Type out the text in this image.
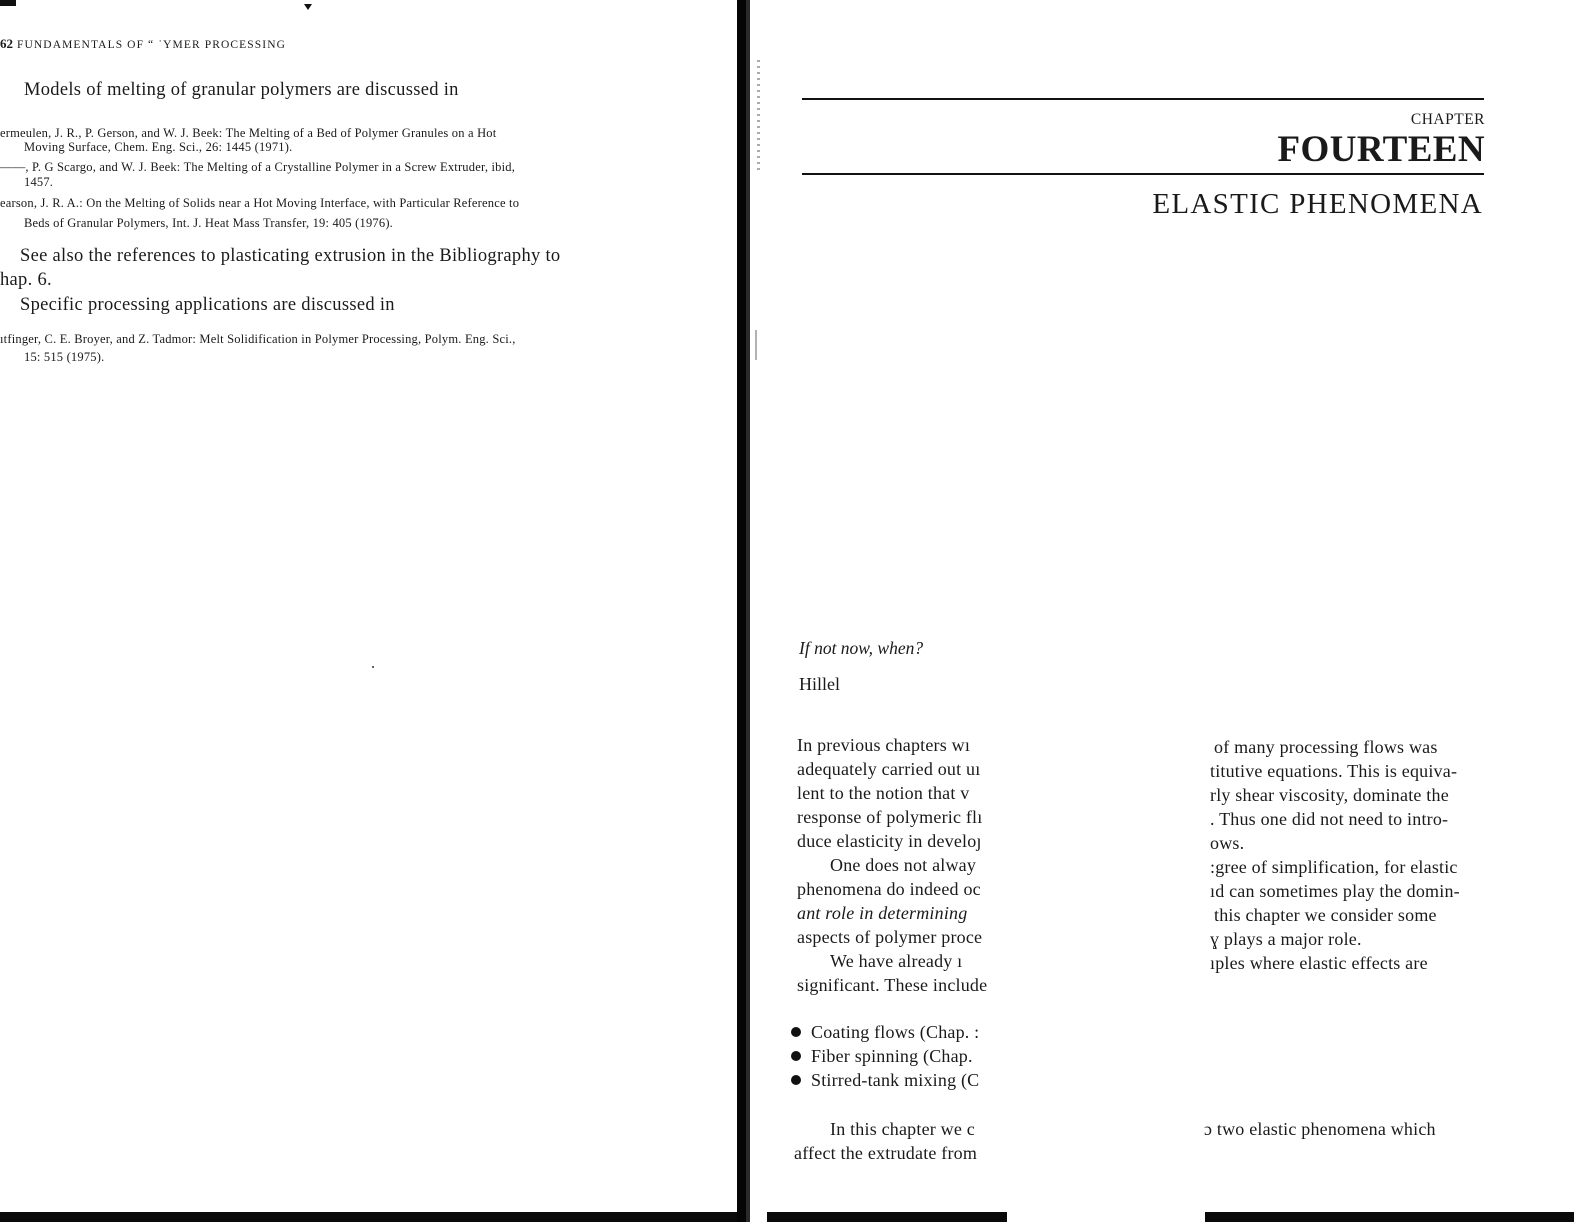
62 FUNDAMENTALS OF “ ˙YMER PROCESSING
Models of melting of granular polymers are discussed in
ermeulen, J. R., P. Gerson, and W. J. Beek: The Melting of a Bed of Polymer Granules on a Hot
Moving Surface, Chem. Eng. Sci., 26: 1445 (1971).
——, P. G Scargo, and W. J. Beek: The Melting of a Crystalline Polymer in a Screw Extruder, ibid,
1457.
earson, J. R. A.: On the Melting of Solids near a Hot Moving Interface, with Particular Reference to
Beds of Granular Polymers, Int. J. Heat Mass Transfer, 19: 405 (1976).
See also the references to plasticating extrusion in the Bibliography to
hap. 6.
Specific processing applications are discussed in
ıtfinger, C. E. Broyer, and Z. Tadmor: Melt Solidification in Polymer Processing, Polym. Eng. Sci.,
15: 515 (1975).
CHAPTER
FOURTEEN
ELASTIC PHENOMENA
If not now, when?
Hillel
In previous chapters wı
adequately carried out uı
lent to the notion that v
response of polymeric flı
duce elasticity in develoȷ
One does not alway
phenomena do indeed oc
ant role in determining
aspects of polymer proce
We have already ı
significant. These include
of many processing flows was
titutive equations. This is equiva-
rly shear viscosity, dominate the
. Thus one did not need to intro-
ows.
:gree of simplification, for elastic
ıd can sometimes play the domin-
this chapter we consider some
ɣ plays a major role.
ıples where elastic effects are
Coating flows (Chap. :
Fiber spinning (Chap.
Stirred-tank mixing (C
In this chapter we c
affect the extrudate from
ɔ two elastic phenomena which
